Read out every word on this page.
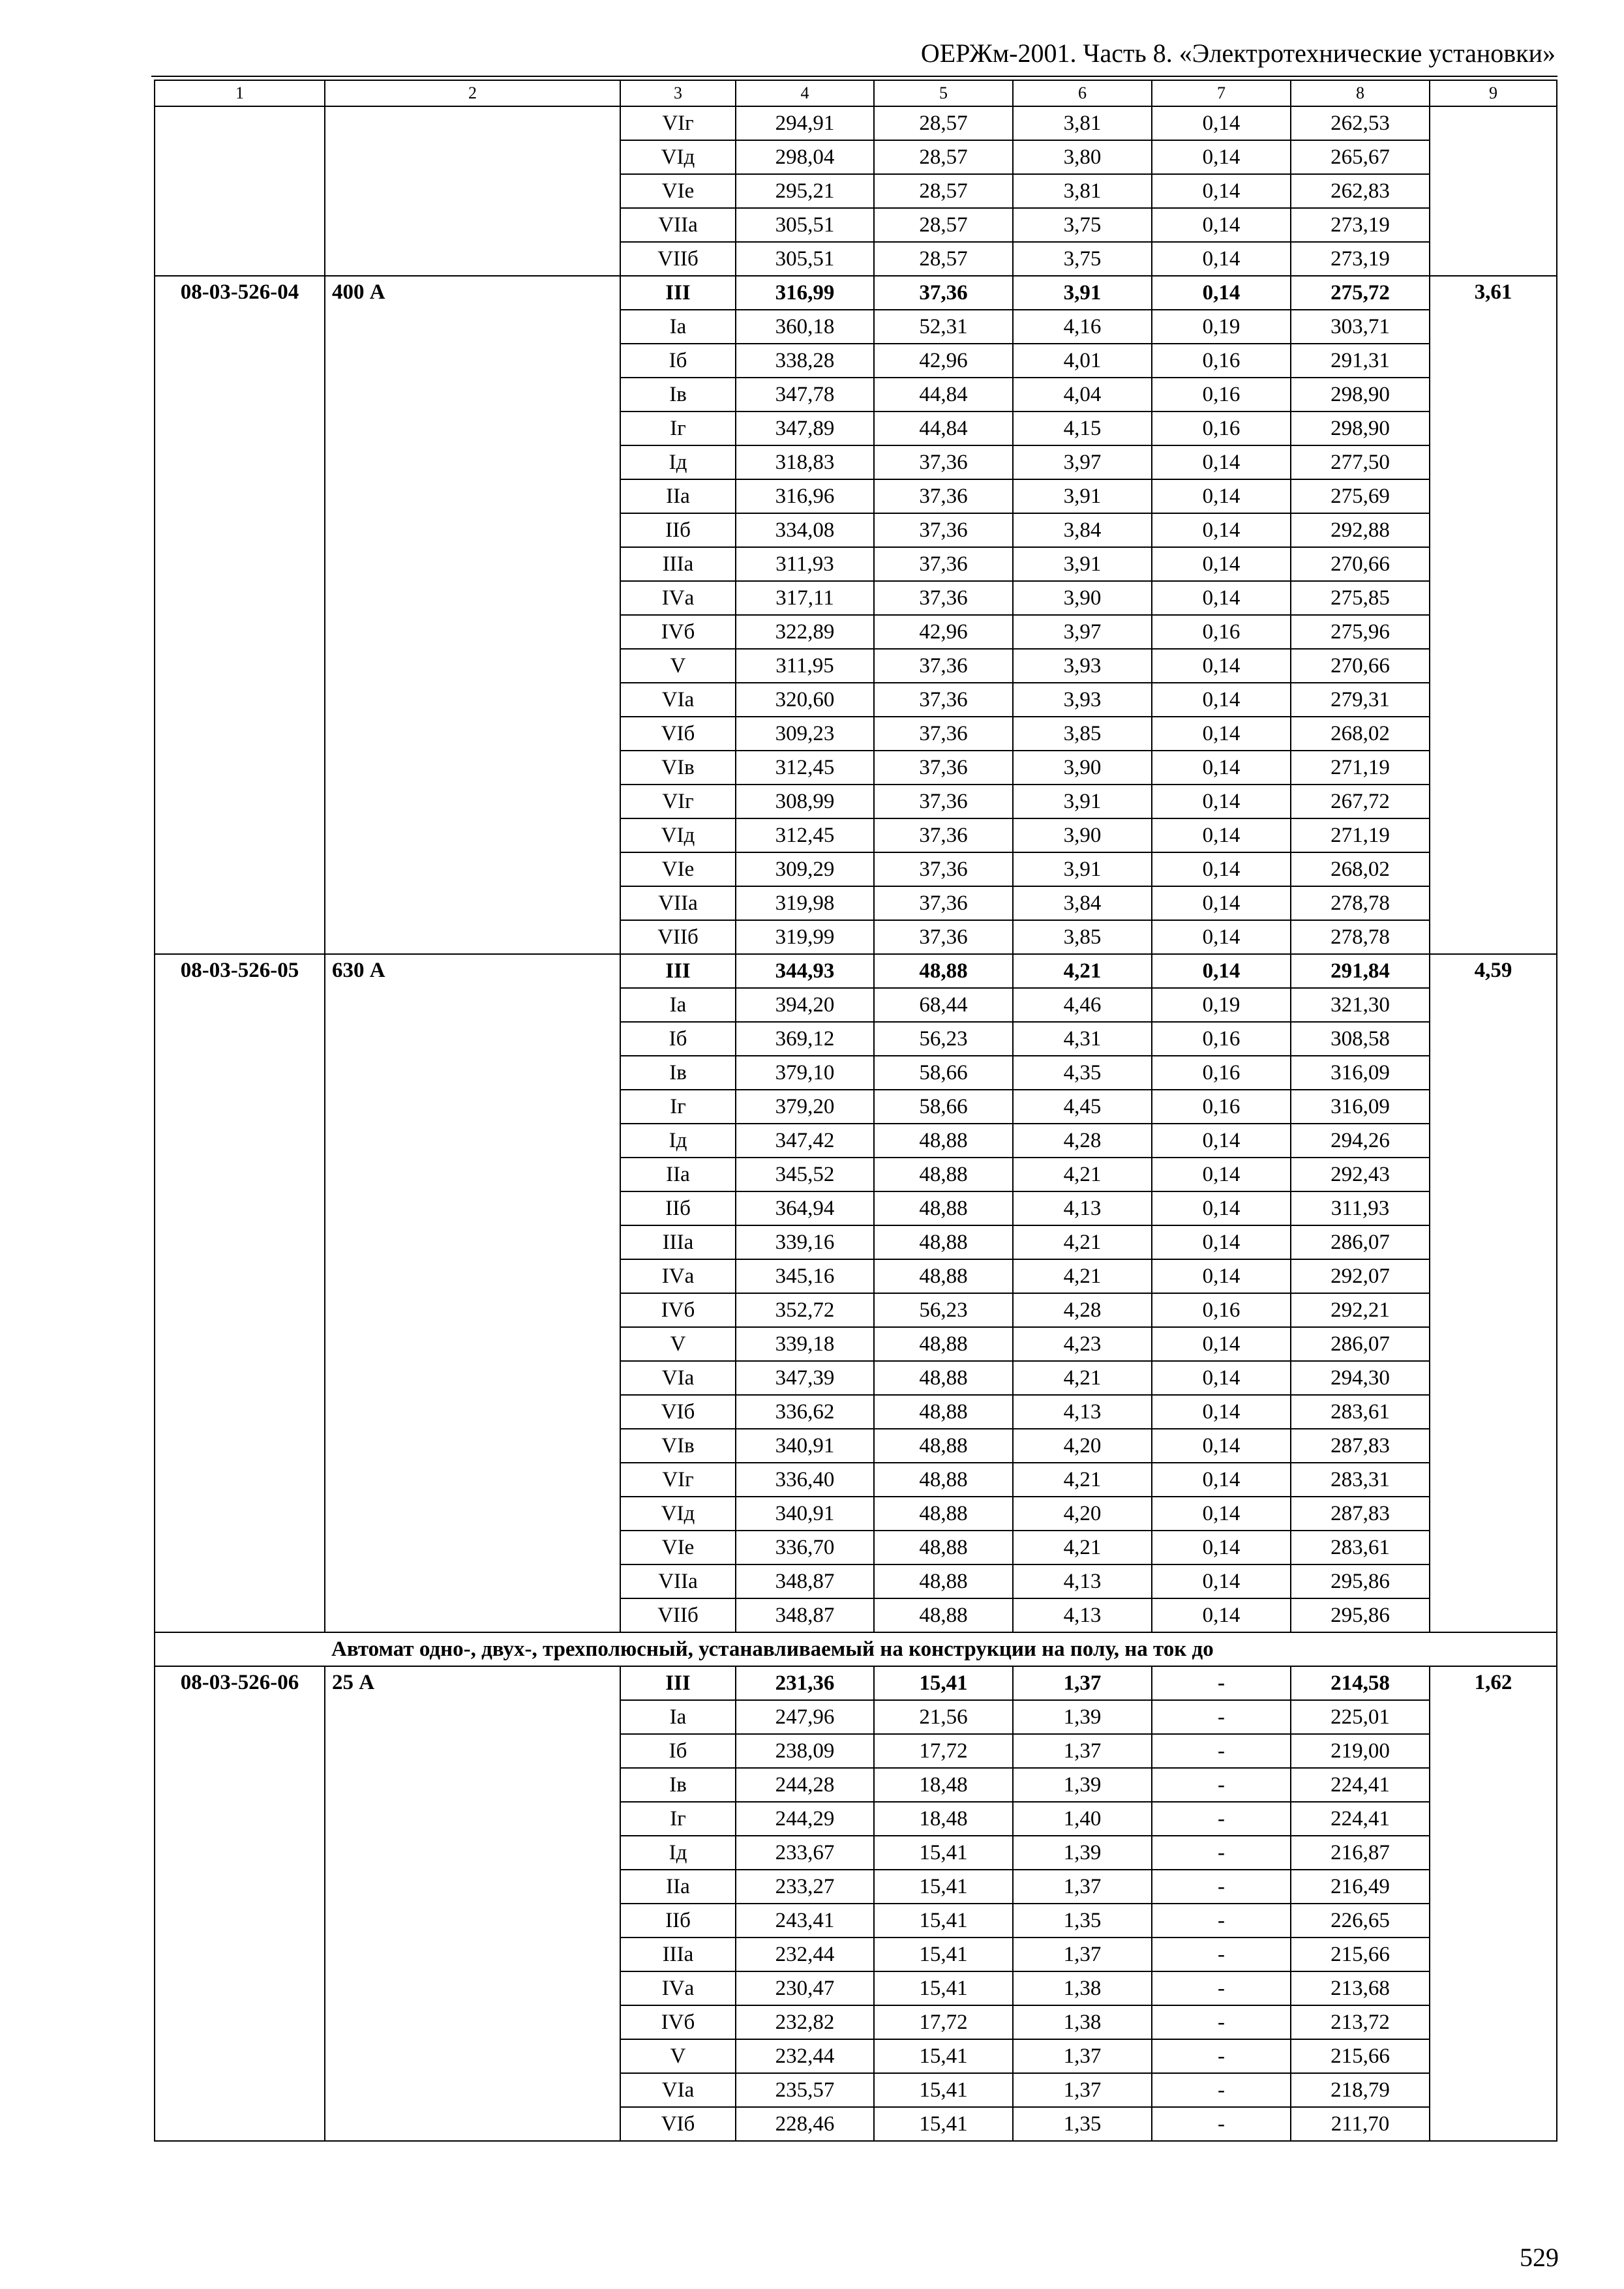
ОЕРЖм-2001. Часть 8. «Электротехнические установки»
1	2	3	4	5	6	7	8	9
		VIг	294,91	28,57	3,81	0,14	262,53	
		VIд	298,04	28,57	3,80	0,14	265,67	
		VIе	295,21	28,57	3,81	0,14	262,83	
		VIIа	305,51	28,57	3,75	0,14	273,19	
		VIIб	305,51	28,57	3,75	0,14	273,19	
08-03-526-04	400 А	III	316,99	37,36	3,91	0,14	275,72	3,61
		Iа	360,18	52,31	4,16	0,19	303,71	
		Iб	338,28	42,96	4,01	0,16	291,31	
		Iв	347,78	44,84	4,04	0,16	298,90	
		Iг	347,89	44,84	4,15	0,16	298,90	
		Iд	318,83	37,36	3,97	0,14	277,50	
		IIа	316,96	37,36	3,91	0,14	275,69	
		IIб	334,08	37,36	3,84	0,14	292,88	
		IIIа	311,93	37,36	3,91	0,14	270,66	
		IVа	317,11	37,36	3,90	0,14	275,85	
		IVб	322,89	42,96	3,97	0,16	275,96	
		V	311,95	37,36	3,93	0,14	270,66	
		VIа	320,60	37,36	3,93	0,14	279,31	
		VIб	309,23	37,36	3,85	0,14	268,02	
		VIв	312,45	37,36	3,90	0,14	271,19	
		VIг	308,99	37,36	3,91	0,14	267,72	
		VIд	312,45	37,36	3,90	0,14	271,19	
		VIе	309,29	37,36	3,91	0,14	268,02	
		VIIа	319,98	37,36	3,84	0,14	278,78	
		VIIб	319,99	37,36	3,85	0,14	278,78	
08-03-526-05	630 А	III	344,93	48,88	4,21	0,14	291,84	4,59
		Iа	394,20	68,44	4,46	0,19	321,30	
		Iб	369,12	56,23	4,31	0,16	308,58	
		Iв	379,10	58,66	4,35	0,16	316,09	
		Iг	379,20	58,66	4,45	0,16	316,09	
		Iд	347,42	48,88	4,28	0,14	294,26	
		IIа	345,52	48,88	4,21	0,14	292,43	
		IIб	364,94	48,88	4,13	0,14	311,93	
		IIIа	339,16	48,88	4,21	0,14	286,07	
		IVа	345,16	48,88	4,21	0,14	292,07	
		IVб	352,72	56,23	4,28	0,16	292,21	
		V	339,18	48,88	4,23	0,14	286,07	
		VIа	347,39	48,88	4,21	0,14	294,30	
		VIб	336,62	48,88	4,13	0,14	283,61	
		VIв	340,91	48,88	4,20	0,14	287,83	
		VIг	336,40	48,88	4,21	0,14	283,31	
		VIд	340,91	48,88	4,20	0,14	287,83	
		VIе	336,70	48,88	4,21	0,14	283,61	
		VIIа	348,87	48,88	4,13	0,14	295,86	
		VIIб	348,87	48,88	4,13	0,14	295,86	
Автомат одно-, двух-, трехполюсный, устанавливаемый на конструкции на полу, на ток до								
08-03-526-06	25 А	III	231,36	15,41	1,37	-	214,58	1,62
		Iа	247,96	21,56	1,39	-	225,01	
		Iб	238,09	17,72	1,37	-	219,00	
		Iв	244,28	18,48	1,39	-	224,41	
		Iг	244,29	18,48	1,40	-	224,41	
		Iд	233,67	15,41	1,39	-	216,87	
		IIа	233,27	15,41	1,37	-	216,49	
		IIб	243,41	15,41	1,35	-	226,65	
		IIIа	232,44	15,41	1,37	-	215,66	
		IVа	230,47	15,41	1,38	-	213,68	
		IVб	232,82	17,72	1,38	-	213,72	
		V	232,44	15,41	1,37	-	215,66	
		VIа	235,57	15,41	1,37	-	218,79	
		VIб	228,46	15,41	1,35	-	211,70	
529
